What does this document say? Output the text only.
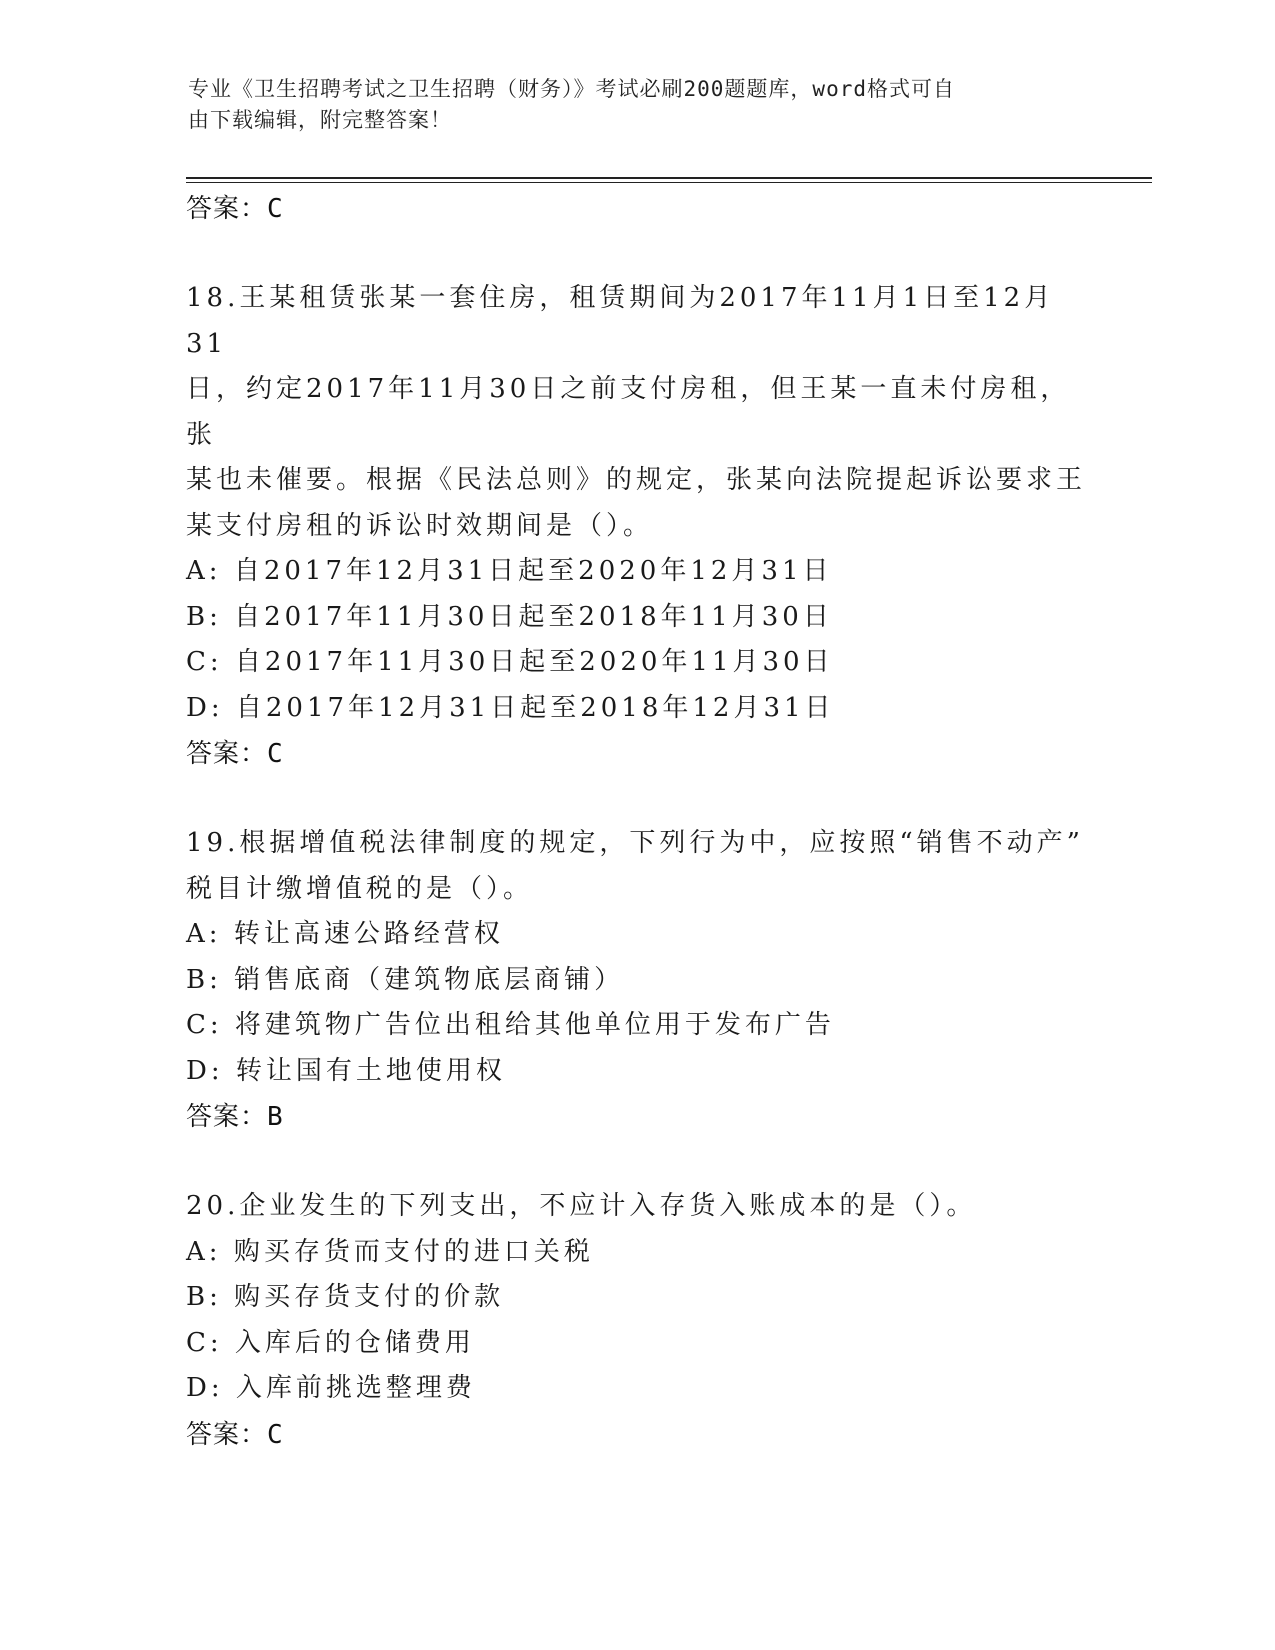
专业《卫生招聘考试之卫生招聘（财务）》考试必刷200题题库，word格式可自
由下载编辑，附完整答案！
答案：C
18.王某租赁张某一套住房，租赁期间为2017年11月1日至12月31
日，约定2017年11月30日之前支付房租，但王某一直未付房租，张
某也未催要。根据《民法总则》的规定，张某向法院提起诉讼要求王
某支付房租的诉讼时效期间是（）。
A: 自2017年12月31日起至2020年12月31日
B: 自2017年11月30日起至2018年11月30日
C: 自2017年11月30日起至2020年11月30日
D: 自2017年12月31日起至2018年12月31日
答案：C
19.根据增值税法律制度的规定，下列行为中，应按照“销售不动产”
税目计缴增值税的是（）。
A: 转让高速公路经营权
B: 销售底商（建筑物底层商铺）
C: 将建筑物广告位出租给其他单位用于发布广告
D: 转让国有土地使用权
答案：B
20.企业发生的下列支出，不应计入存货入账成本的是（）。
A: 购买存货而支付的进口关税
B: 购买存货支付的价款
C: 入库后的仓储费用
D: 入库前挑选整理费
答案：C
